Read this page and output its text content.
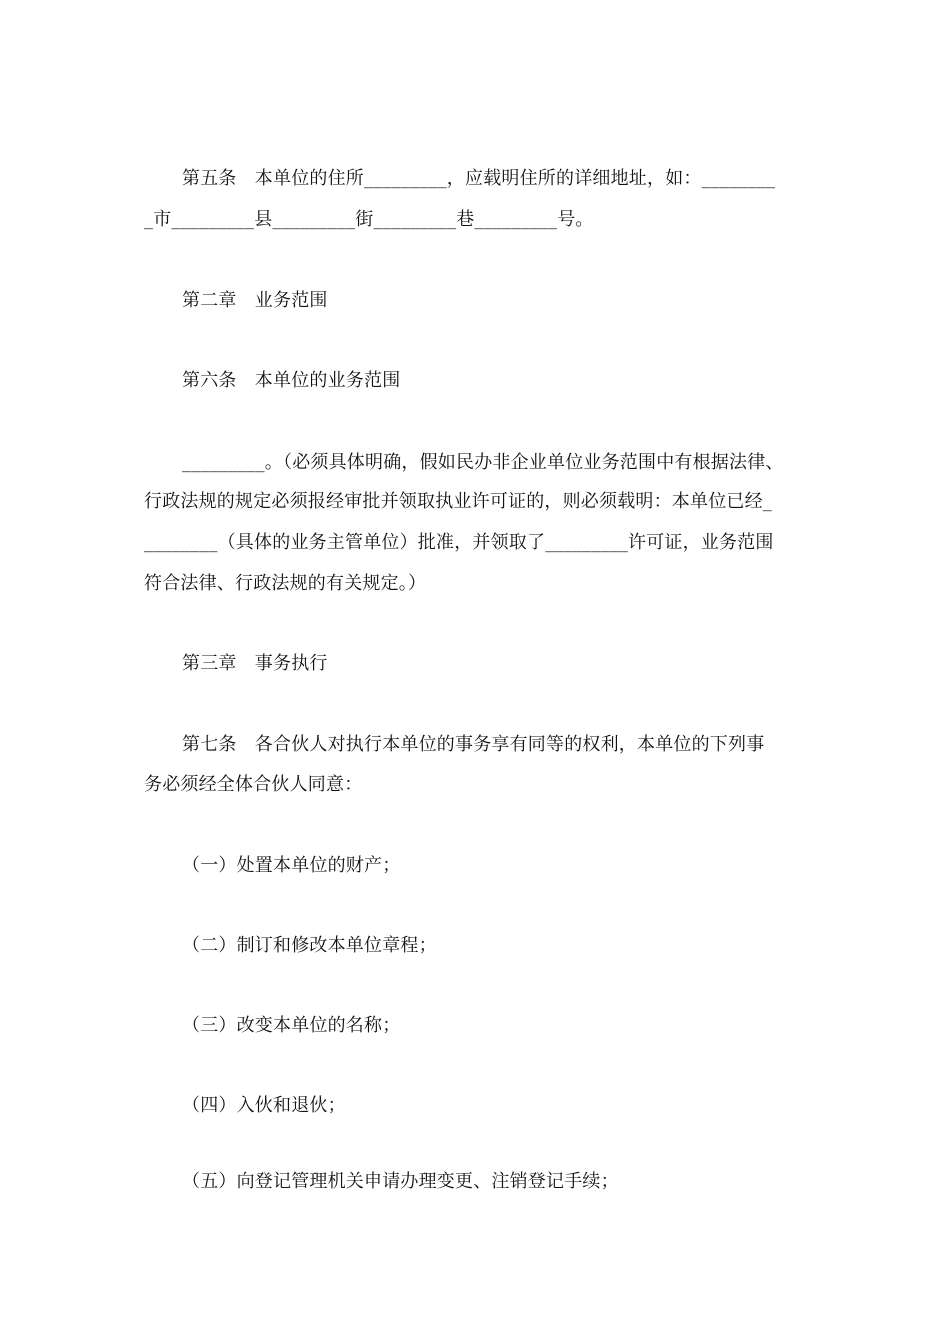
第五条　本单位的住所_________，应载明住所的详细地址，如：________
_市_________县_________街_________巷_________号。
第二章　业务范围
第六条　本单位的业务范围
_________。（必须具体明确，假如民办非企业单位业务范围中有根据法律、
行政法规的规定必须报经审批并领取执业许可证的，则必须载明：本单位已经_
________（具体的业务主管单位）批准，并领取了_________许可证，业务范围
符合法律、行政法规的有关规定。）
第三章　事务执行
第七条　各合伙人对执行本单位的事务享有同等的权利，本单位的下列事
务必须经全体合伙人同意：
（一）处置本单位的财产；
（二）制订和修改本单位章程；
（三）改变本单位的名称；
（四）入伙和退伙；
（五）向登记管理机关申请办理变更、注销登记手续；
